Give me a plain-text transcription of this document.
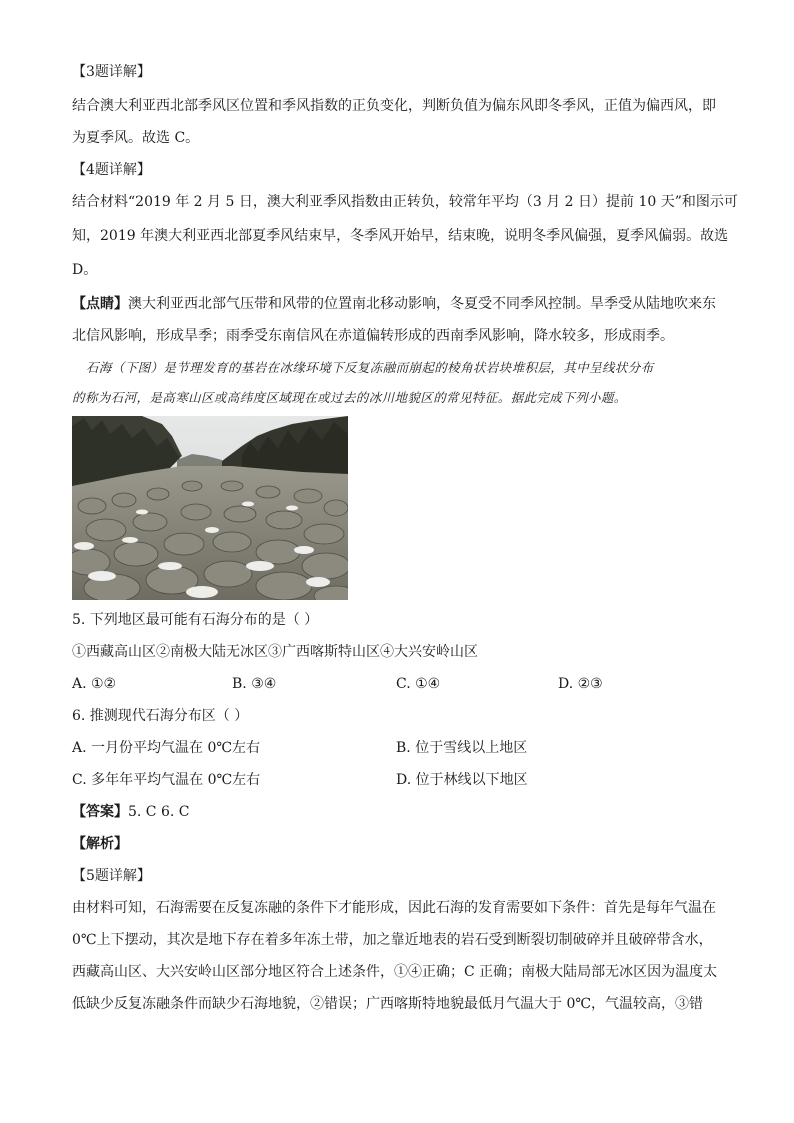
【3题详解】
结合澳大利亚西北部季风区位置和季风指数的正负变化，判断负值为偏东风即冬季风，正值为偏西风，即
为夏季风。故选 C。
【4题详解】
结合材料“2019 年 2 月 5 日，澳大利亚季风指数由正转负，较常年平均（3 月 2 日）提前 10 天”和图示可
知，2019 年澳大利亚西北部夏季风结束早，冬季风开始早，结束晚，说明冬季风偏强，夏季风偏弱。故选
D。
【点睛】澳大利亚西北部气压带和风带的位置南北移动影响，冬夏受不同季风控制。旱季受从陆地吹来东
北信风影响，形成旱季；雨季受东南信风在赤道偏转形成的西南季风影响，降水较多，形成雨季。
石海（下图）是节理发育的基岩在冰缘环境下反复冻融而崩起的棱角状岩块堆积层，其中呈线状分布
的称为石河，是高寒山区或高纬度区域现在或过去的冰川地貌区的常见特征。据此完成下列小题。
5. 下列地区最可能有石海分布的是（ ）
①西藏高山区②南极大陆无冰区③广西喀斯特山区④大兴安岭山区
A. ①②	B. ③④	C. ①④	D. ②③
6. 推测现代石海分布区（ ）
A. 一月份平均气温在 0℃左右	B. 位于雪线以上地区
C. 多年年平均气温在 0℃左右	D. 位于林线以下地区
【答案】5. C 6. C
【解析】
【5题详解】
由材料可知，石海需要在反复冻融的条件下才能形成，因此石海的发育需要如下条件：首先是每年气温在
0℃上下摆动，其次是地下存在着多年冻土带，加之靠近地表的岩石受到断裂切制破碎并且破碎带含水，
西藏高山区、大兴安岭山区部分地区符合上述条件，①④正确；C 正确；南极大陆局部无冰区因为温度太
低缺少反复冻融条件而缺少石海地貌，②错误；广西喀斯特地貌最低月气温大于 0℃，气温较高，③错
